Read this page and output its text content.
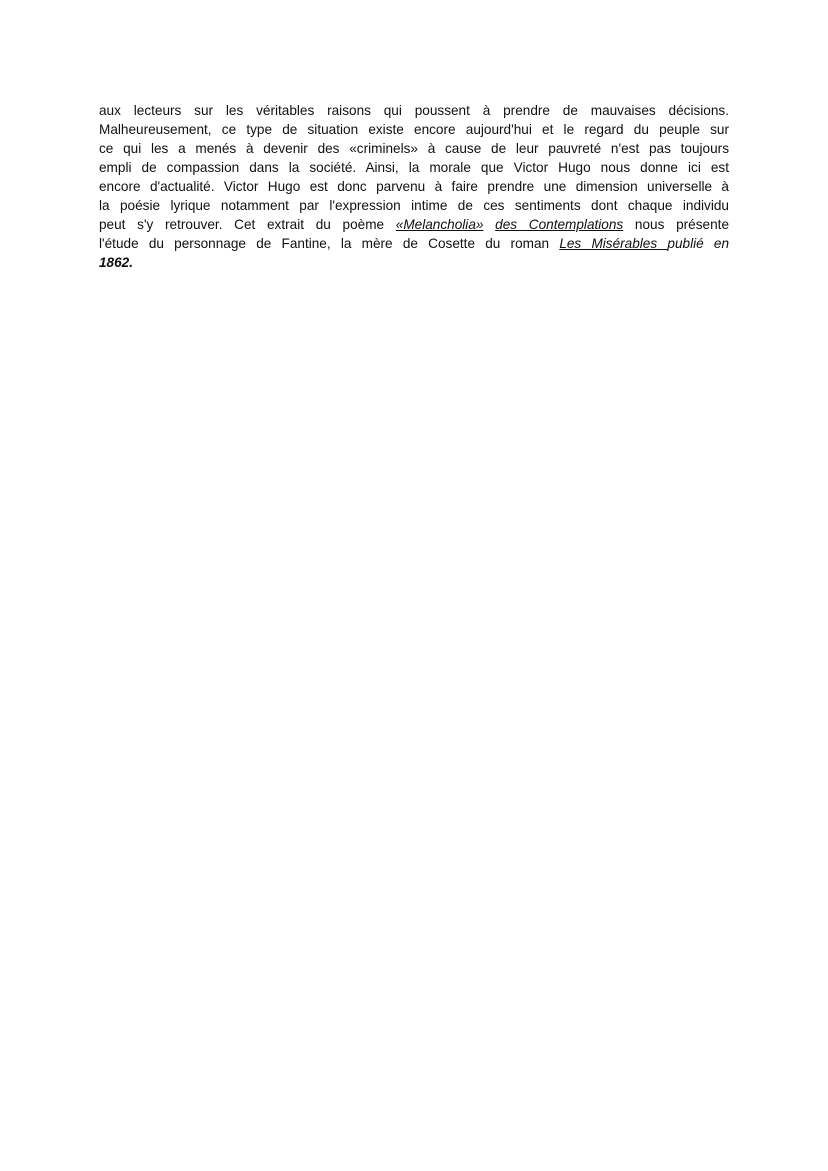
aux lecteurs sur les véritables raisons qui poussent à prendre de mauvaises décisions.
Malheureusement, ce type de situation existe encore aujourd'hui et le regard du peuple sur
ce qui les a menés à devenir des «criminels» à cause de leur pauvreté n'est pas toujours
empli de compassion dans la société. Ainsi, la morale que Victor Hugo nous donne ici est
encore d'actualité. Victor Hugo est donc parvenu à faire prendre une dimension universelle à
la poésie lyrique notamment par l'expression intime de ces sentiments dont chaque individu
peut s'y retrouver. Cet extrait du poème «Melancholia» des Contemplations nous présente
l'étude du personnage de Fantine, la mère de Cosette du roman Les Misérables publié en
1862.
